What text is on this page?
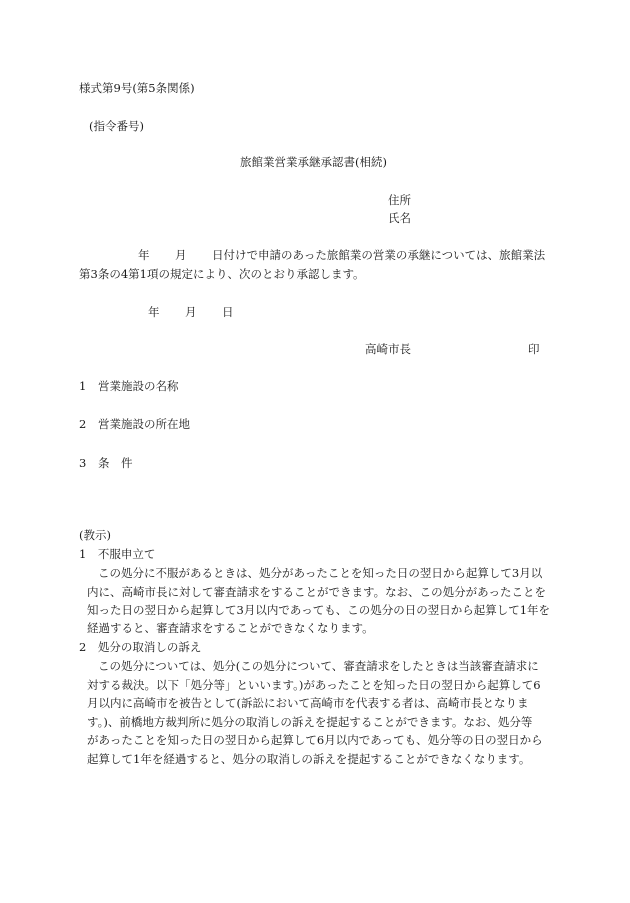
様式第9号(第5条関係)
(指令番号)
旅館業営業承継承認書(相続)
住所
氏名
年 月 日付けで申請のあった旅館業の営業の承継については、旅館業法
第3条の4第1項の規定により、次のとおり承認します。
年 月 日
高崎市長	印
1 営業施設の名称
2 営業施設の所在地
3 条　件
(教示)
1　不服申立て
この処分に不服があるときは、処分があったことを知った日の翌日から起算して3月以
内に、高崎市長に対して審査請求をすることができます。なお、この処分があったことを
知った日の翌日から起算して3月以内であっても、この処分の日の翌日から起算して1年を
経過すると、審査請求をすることができなくなります。
2　処分の取消しの訴え
この処分については、処分(この処分について、審査請求をしたときは当該審査請求に
対する裁決。以下「処分等」といいます。)があったことを知った日の翌日から起算して6
月以内に高崎市を被告として(訴訟において高崎市を代表する者は、高崎市長となりま
す。)、前橋地方裁判所に処分の取消しの訴えを提起することができます。なお、処分等
があったことを知った日の翌日から起算して6月以内であっても、処分等の日の翌日から
起算して1年を経過すると、処分の取消しの訴えを提起することができなくなります。
